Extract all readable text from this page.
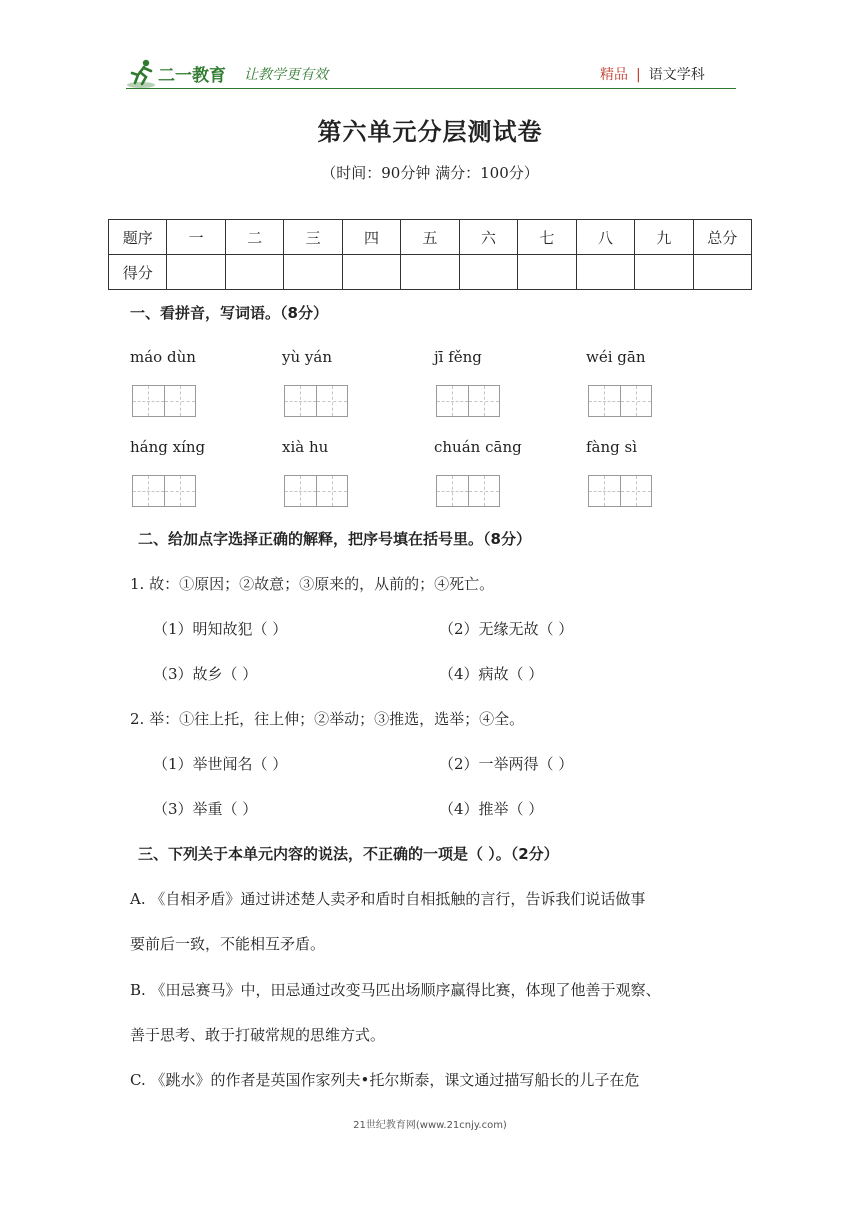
二一教育 让教学更有效	精品 | 语文学科
第六单元分层测试卷
（时间：90分钟 满分：100分）
题序	一	二	三	四	五	六	七	八	九	总分
得分										
一、看拼音，写词语。（8分）
máo dùn	yù yán	jī fěng	wéi gān
háng xíng	xià hu	chuán cāng	fàng sì
二、给加点字选择正确的解释，把序号填在括号里。（8分）
1. 故：①原因；②故意；③原来的，从前的；④死亡。
（1）明知故犯（ ）	（2）无缘无故（ ）
（3）故乡（ ）	（4）病故（ ）
2. 举：①往上托，往上伸；②举动；③推选，选举；④全。
（1）举世闻名（ ）	（2）一举两得（ ）
（3）举重（ ）	（4）推举（ ）
三、下列关于本单元内容的说法，不正确的一项是（ ）。（2分）
A. 《自相矛盾》通过讲述楚人卖矛和盾时自相抵触的言行，告诉我们说话做事
要前后一致，不能相互矛盾。
B. 《田忌赛马》中，田忌通过改变马匹出场顺序赢得比赛，体现了他善于观察、
善于思考、敢于打破常规的思维方式。
C. 《跳水》的作者是英国作家列夫•托尔斯泰，课文通过描写船长的儿子在危
21世纪教育网(www.21cnjy.com)
